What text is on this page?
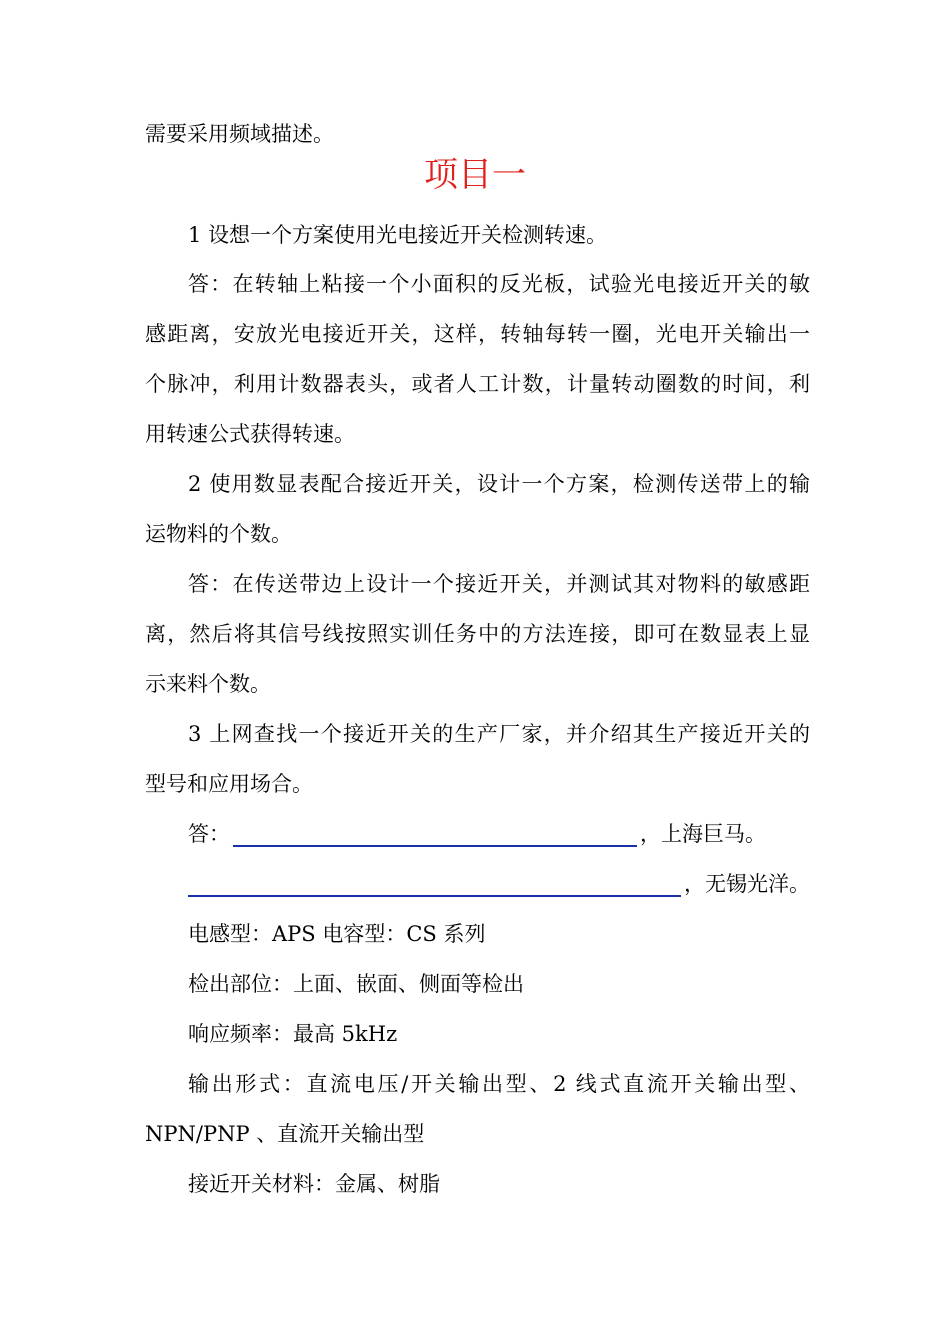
需要采用频域描述。
项目一
1 设想一个方案使用光电接近开关检测转速。
答：在转轴上粘接一个小面积的反光板，试验光电接近开关的敏
感距离，安放光电接近开关，这样，转轴每转一圈，光电开关输出一
个脉冲，利用计数器表头，或者人工计数，计量转动圈数的时间，利
用转速公式获得转速。
2 使用数显表配合接近开关，设计一个方案，检测传送带上的输
运物料的个数。
答：在传送带边上设计一个接近开关，并测试其对物料的敏感距
离，然后将其信号线按照实训任务中的方法连接，即可在数显表上显
示来料个数。
3 上网查找一个接近开关的生产厂家，并介绍其生产接近开关的
型号和应用场合。
答：	，上海巨马。
，无锡光洋。
电感型：APS 电容型：CS 系列
检出部位：上面、嵌面、侧面等检出
响应频率：最高 5kHz
输出形式：直流电压/开关输出型、2 线式直流开关输出型、
NPN/PNP 、直流开关输出型
接近开关材料：金属、树脂
